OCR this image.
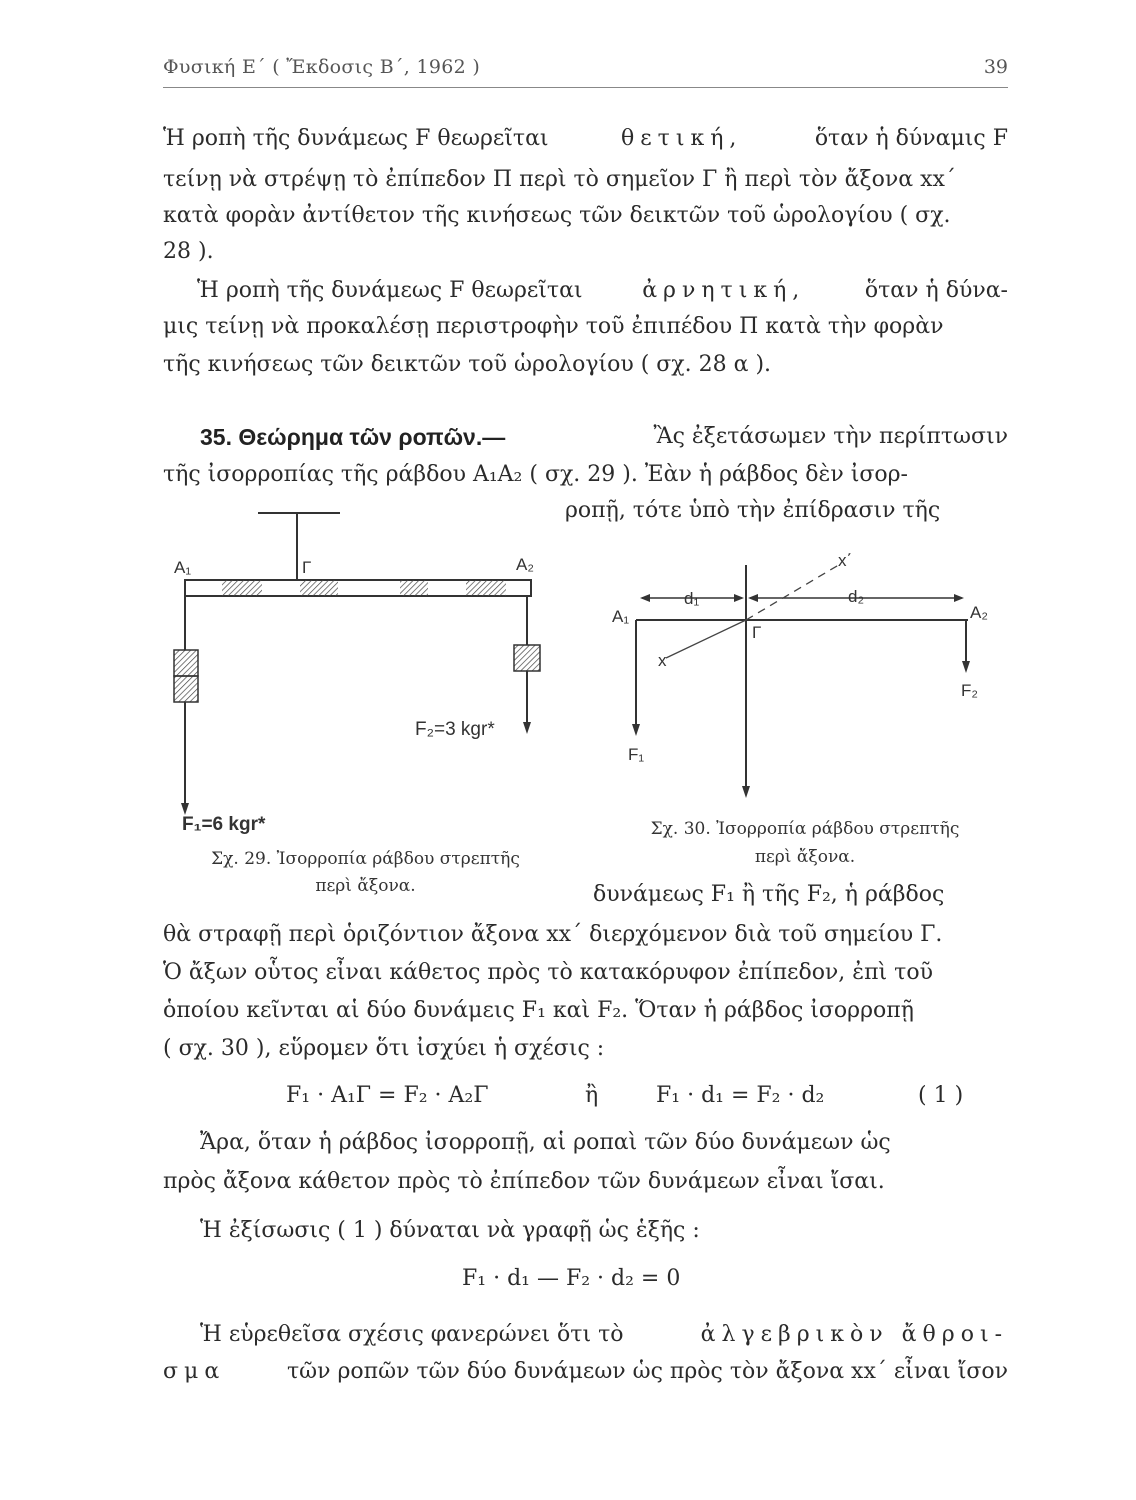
Φυσική Ε΄ ( Ἔκδοσις Β΄, 1962 )	39
Ἡ ροπὴ τῆς δυνάμεως F θεωρεῖται	θετική,	ὅταν ἡ δύναμις F
τείνῃ νὰ στρέψῃ τὸ ἐπίπεδον Π περὶ τὸ σημεῖον Γ ἢ περὶ τὸν ἄξονα xx΄
κατὰ φορὰν ἀντίθετον τῆς κινήσεως τῶν δεικτῶν τοῦ ὡρολογίου ( σχ.
28 ).
Ἡ ροπὴ τῆς δυνάμεως F θεωρεῖται	ἀρνητική,	ὅταν ἡ δύνα-
μις τείνῃ νὰ προκαλέσῃ περιστροφὴν τοῦ ἐπιπέδου Π κατὰ τὴν φορὰν
τῆς κινήσεως τῶν δεικτῶν τοῦ ὡρολογίου ( σχ. 28 α ).
35. Θεώρημα τῶν ροπῶν.—	Ἂς ἐξετάσωμεν τὴν περίπτωσιν
τῆς ἰσορροπίας τῆς ράβδου Α₁Α₂ ( σχ. 29 ). Ἐὰν ἡ ράβδος δὲν ἰσορ-
ροπῇ, τότε ὑπὸ τὴν ἐπίδρασιν τῆς
Α₁	Γ	Α₂
F₂=3 kgr*
F₁=6 kgr*
Σχ. 29. Ἰσορροπία ράβδου στρεπτῆς
περὶ ἄξονα.
Α₁
Γ
Α₂
d₁	d₂
x΄
x
F₁
F₂
Σχ. 30. Ἰσορροπία ράβδου στρεπτῆς
περὶ ἄξονα.
δυνάμεως F₁ ἢ τῆς F₂, ἡ ράβδος
θὰ στραφῇ περὶ ὁριζόντιον ἄξονα xx΄ διερχόμενον διὰ τοῦ σημείου Γ.
Ὁ ἄξων οὗτος εἶναι κάθετος πρὸς τὸ κατακόρυφον ἐπίπεδον, ἐπὶ τοῦ
ὁποίου κεῖνται αἱ δύο δυνάμεις F₁ καὶ F₂. Ὅταν ἡ ράβδος ἰσορροπῇ
( σχ. 30 ), εὕρομεν ὅτι ἰσχύει ἡ σχέσις :
F₁ · Α₁Γ = F₂ · Α₂Γ	ἢ	F₁ · d₁ = F₂ · d₂	( 1 )
Ἄρα, ὅταν ἡ ράβδος ἰσορροπῇ, αἱ ροπαὶ τῶν δύο δυνάμεων ὡς
πρὸς ἄξονα κάθετον πρὸς τὸ ἐπίπεδον τῶν δυνάμεων εἶναι ἴσαι.
Ἡ ἐξίσωσις ( 1 ) δύναται νὰ γραφῇ ὡς ἑξῆς :
F₁ · d₁ — F₂ · d₂ = 0
Ἡ εὑρεθεῖσα σχέσις φανερώνει ὅτι τὸ	ἀλγεβρικὸν ἄθροι-
σμα	τῶν ροπῶν τῶν δύο δυνάμεων ὡς πρὸς τὸν ἄξονα xx΄ εἶναι ἴσον
